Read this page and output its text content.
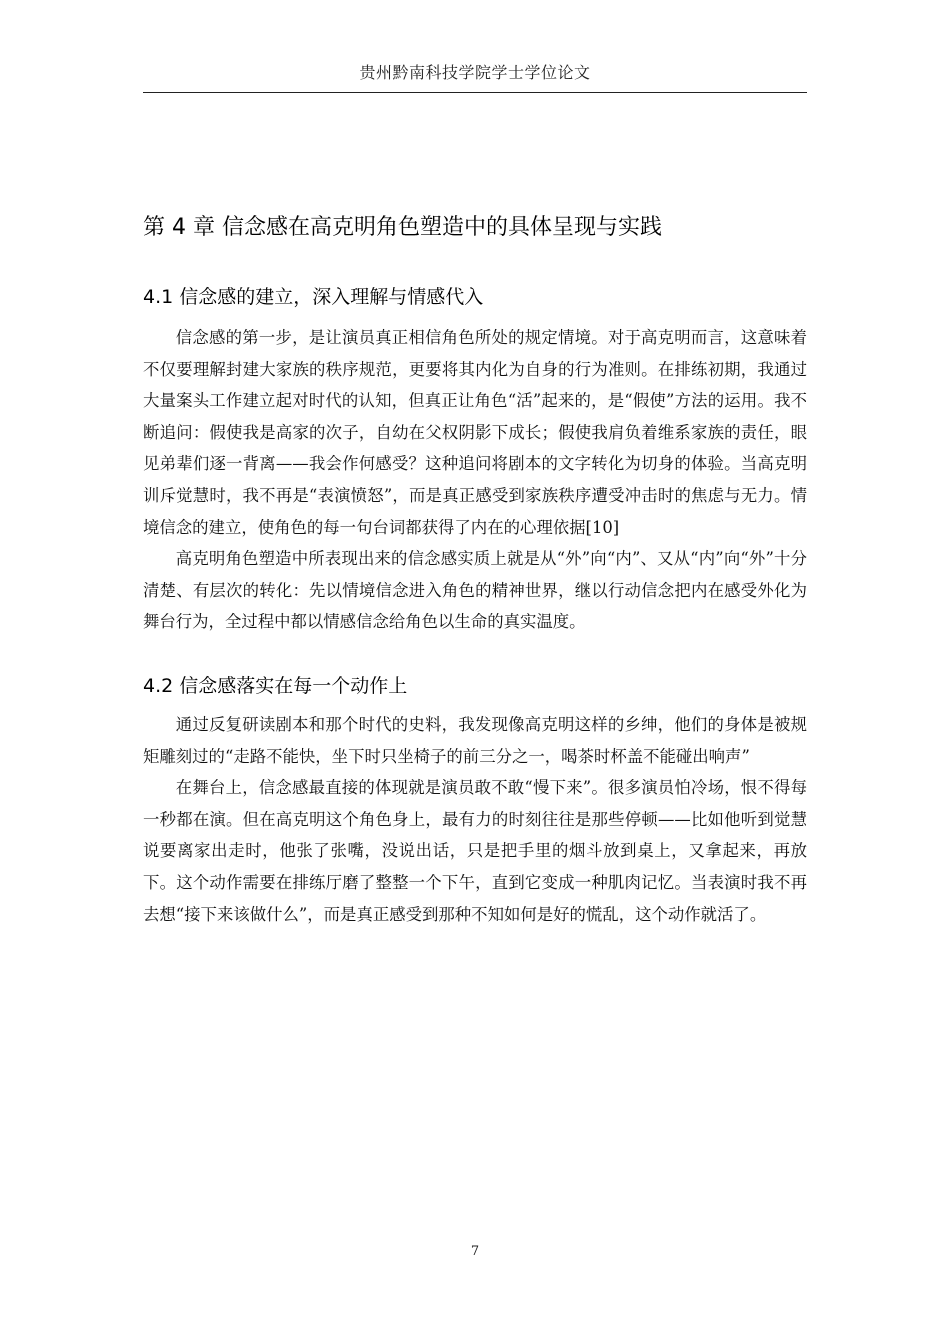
贵州黔南科技学院学士学位论文
第 4 章 信念感在高克明角色塑造中的具体呈现与实践
4.1 信念感的建立，深入理解与情感代入

信念感的第一步，是让演员真正相信角色所处的规定情境。对于高克明而言，这意味着不仅要理解封建大家族的秩序规范，更要将其内化为自身的行为准则。在排练初期，我通过大量案头工作建立起对时代的认知，但真正让角色“活”起来的，是“假使”方法的运用。我不断追问：假使我是高家的次子，自幼在父权阴影下成长；假使我肩负着维系家族的责任，眼见弟辈们逐一背离——我会作何感受？这种追问将剧本的文字转化为切身的体验。当高克明训斥觉慧时，我不再是“表演愤怒”，而是真正感受到家族秩序遭受冲击时的焦虑与无力。情境信念的建立，使角色的每一句台词都获得了内在的心理依据[10]

高克明角色塑造中所表现出来的信念感实质上就是从“外”向“内”、又从“内”向“外”十分清楚、有层次的转化：先以情境信念进入角色的精神世界，继以行动信念把内在感受外化为舞台行为，全过程中都以情感信念给角色以生命的真实温度。

4.2 信念感落实在每一个动作上

通过反复研读剧本和那个时代的史料，我发现像高克明这样的乡绅，他们的身体是被规矩雕刻过的“走路不能快，坐下时只坐椅子的前三分之一，喝茶时杯盖不能碰出响声”

在舞台上，信念感最直接的体现就是演员敢不敢“慢下来”。很多演员怕冷场，恨不得每一秒都在演。但在高克明这个角色身上，最有力的时刻往往是那些停顿——比如他听到觉慧说要离家出走时，他张了张嘴，没说出话，只是把手里的烟斗放到桌上，又拿起来，再放下。这个动作需要在排练厅磨了整整一个下午，直到它变成一种肌肉记忆。当表演时我不再去想“接下来该做什么”，而是真正感受到那种不知如何是好的慌乱，这个动作就活了。

7
